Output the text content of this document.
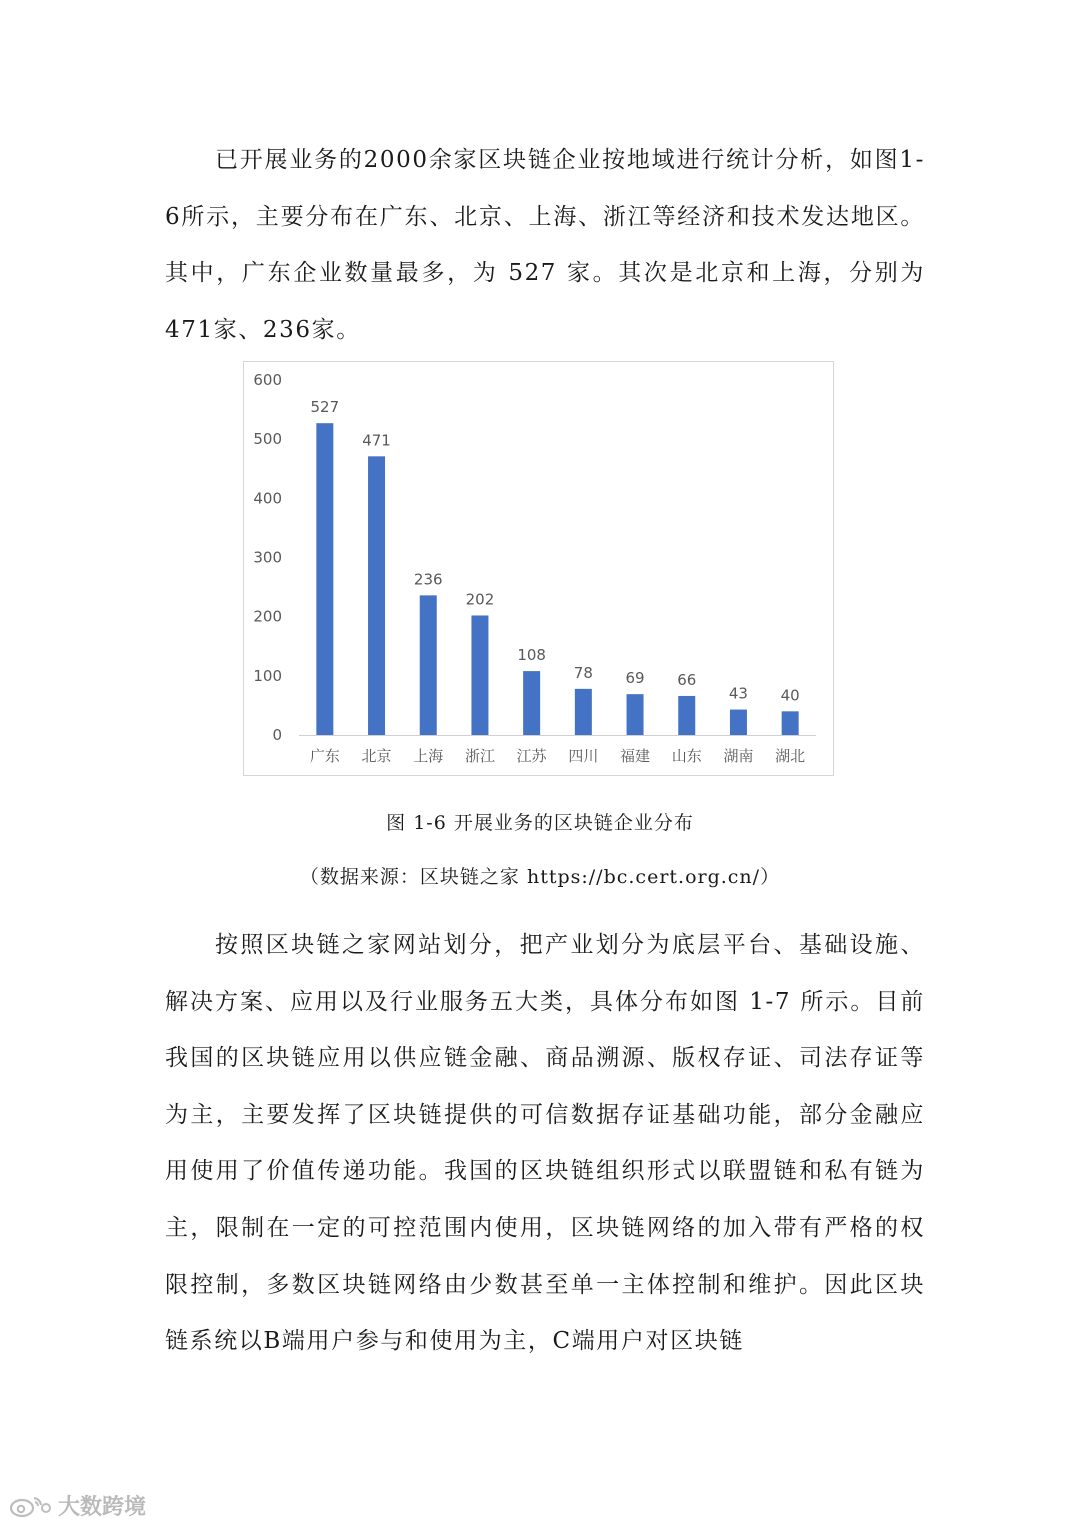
已开展业务的2000余家区块链企业按地域进行统计分析，如图1-6所示，主要分布在广东、北京、上海、浙江等经济和技术发达地区。其中，广东企业数量最多，为 527 家。其次是北京和上海，分别为471家、236家。

0
100
200
300
400
500
600
527
471
236
202
108
78 69 66
43 40
广东 北京 上海 浙江 江苏 四川 福建 山东 湖南 湖北

图 1-6 开展业务的区块链企业分布

（数据来源：区块链之家 https://bc.cert.org.cn/）

按照区块链之家网站划分，把产业划分为底层平台、基础设施、解决方案、应用以及行业服务五大类，具体分布如图 1-7 所示。目前我国的区块链应用以供应链金融、商品溯源、版权存证、司法存证等为主，主要发挥了区块链提供的可信数据存证基础功能，部分金融应用使用了价值传递功能。我国的区块链组织形式以联盟链和私有链为主，限制在一定的可控范围内使用，区块链网络的加入带有严格的权限控制，多数区块链网络由少数甚至单一主体控制和维护。因此区块链系统以B端用户参与和使用为主，C端用户对区块链

大数跨境
